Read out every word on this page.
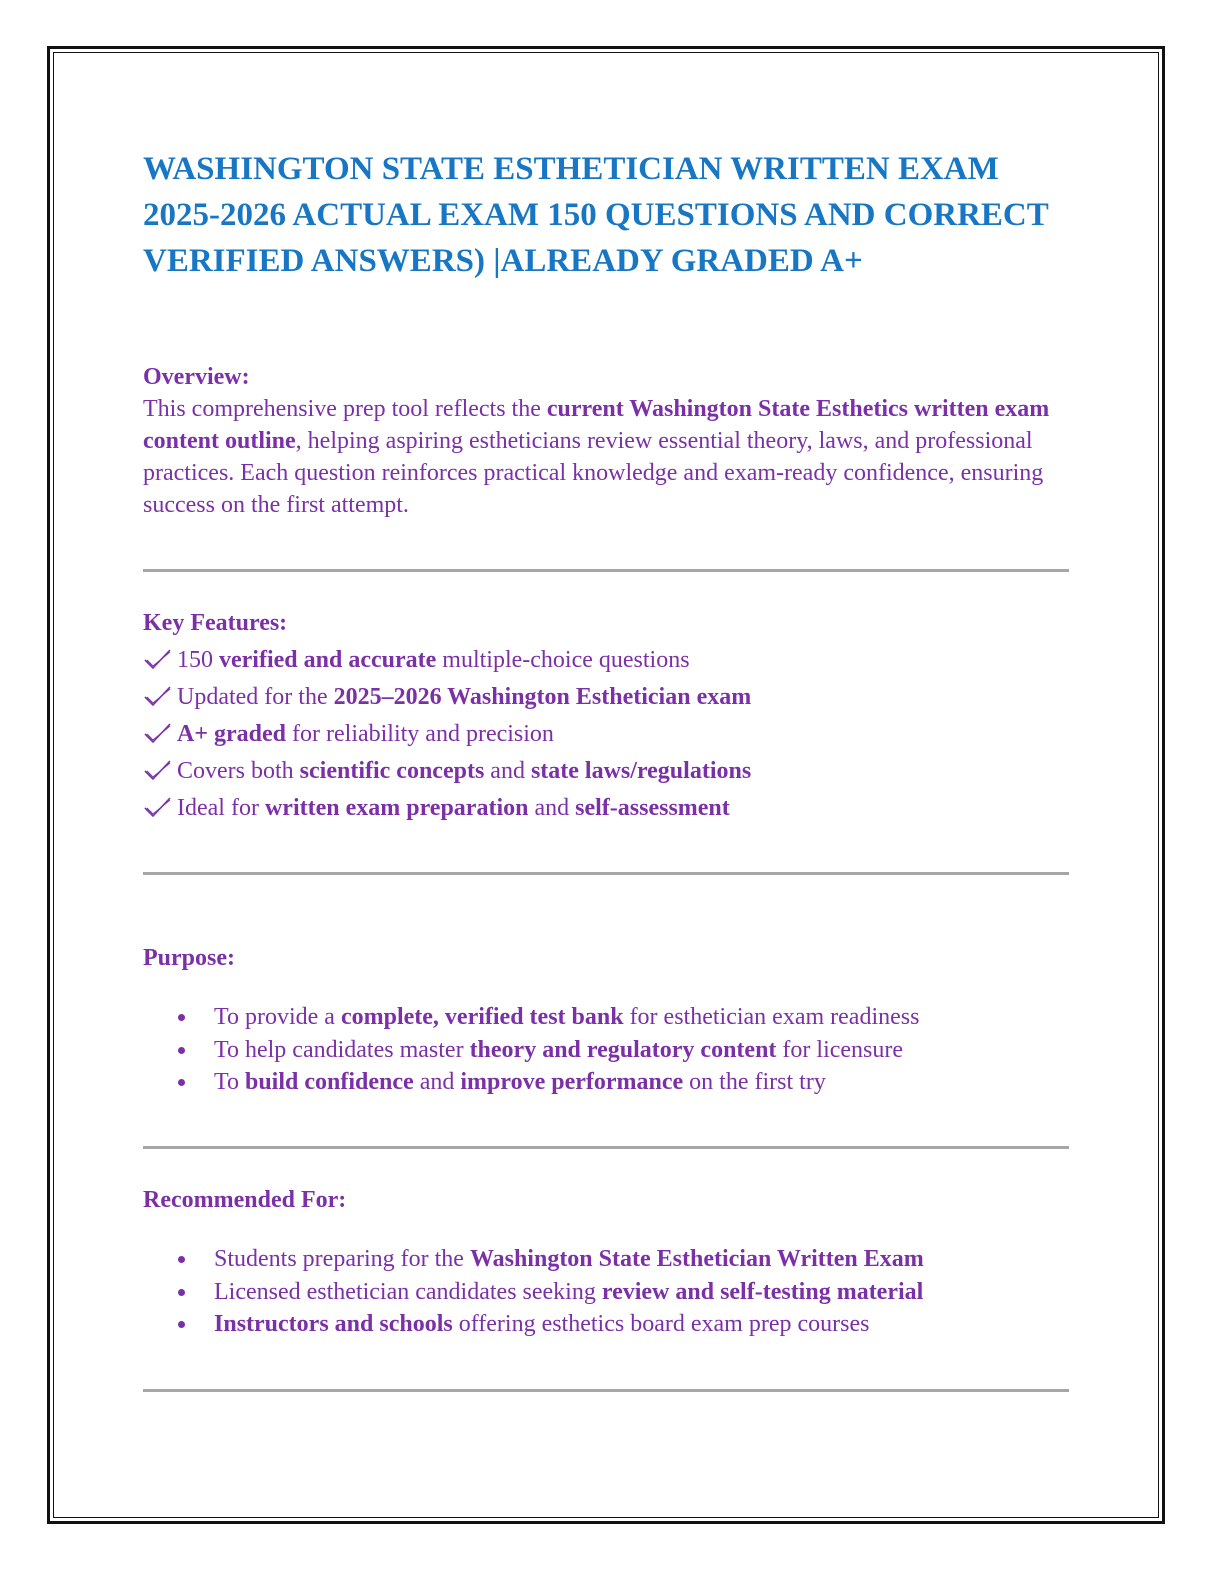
WASHINGTON STATE ESTHETICIAN WRITTEN EXAM 2025-2026 ACTUAL EXAM 150 QUESTIONS AND CORRECT VERIFIED ANSWERS) |ALREADY GRADED A+
Overview:

This comprehensive prep tool reflects the current Washington State Esthetics written exam content outline, helping aspiring estheticians review essential theory, laws, and professional practices. Each question reinforces practical knowledge and exam-ready confidence, ensuring success on the first attempt.

Key Features:
150 verified and accurate multiple-choice questions
Updated for the 2025–2026 Washington Esthetician exam
A+ graded for reliability and precision
Covers both scientific concepts and state laws/regulations
Ideal for written exam preparation and self-assessment
Purpose:
To provide a complete, verified test bank for esthetician exam readiness
To help candidates master theory and regulatory content for licensure
To build confidence and improve performance on the first try
Recommended For:
Students preparing for the Washington State Esthetician Written Exam
Licensed esthetician candidates seeking review and self-testing material
Instructors and schools offering esthetics board exam prep courses
